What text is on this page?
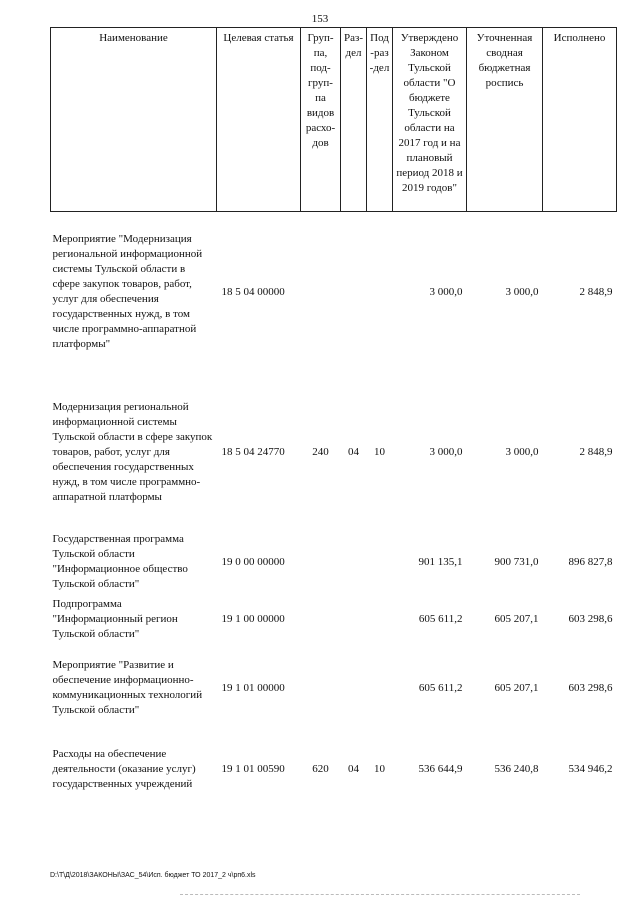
153
Наименование	Целевая статья	Груп-па, под-груп-па видов расхо-дов	Раз-дел	Под-раз-дел	Утверждено Законом Тульской области "О бюджете Тульской области на 2017 год и на плановый период 2018 и 2019 годов"	Уточненная сводная бюджетная роспись	Исполнено
Мероприятие "Модернизация региональной информационной системы Тульской области в сфере закупок товаров, работ, услуг для обеспечения государственных нужд, в том числе программно-аппаратной платформы"	18 5 04 00000				3 000,0	3 000,0	2 848,9
Модернизация региональной информационной системы Тульской области в сфере закупок товаров, работ, услуг для обеспечения государственных нужд, в том числе программно-аппаратной платформы	18 5 04 24770	240	04	10	3 000,0	3 000,0	2 848,9
Государственная программа Тульской области "Информационное общество Тульской области"	19 0 00 00000				901 135,1	900 731,0	896 827,8
Подпрограмма "Информационный регион Тульской области"	19 1 00 00000				605 611,2	605 207,1	603 298,6
Мероприятие "Развитие и обеспечение информационно-коммуникационных технологий Тульской области"	19 1 01 00000				605 611,2	605 207,1	603 298,6
Расходы на обеспечение деятельности (оказание услуг) государственных учреждений	19 1 01 00590	620	04	10	536 644,9	536 240,8	534 946,2
D:\Т\Д\2018\ЗАКОНЫ\ЗАС_54\Исп. бюджет ТО 2017_2 ч\рп6.xls
